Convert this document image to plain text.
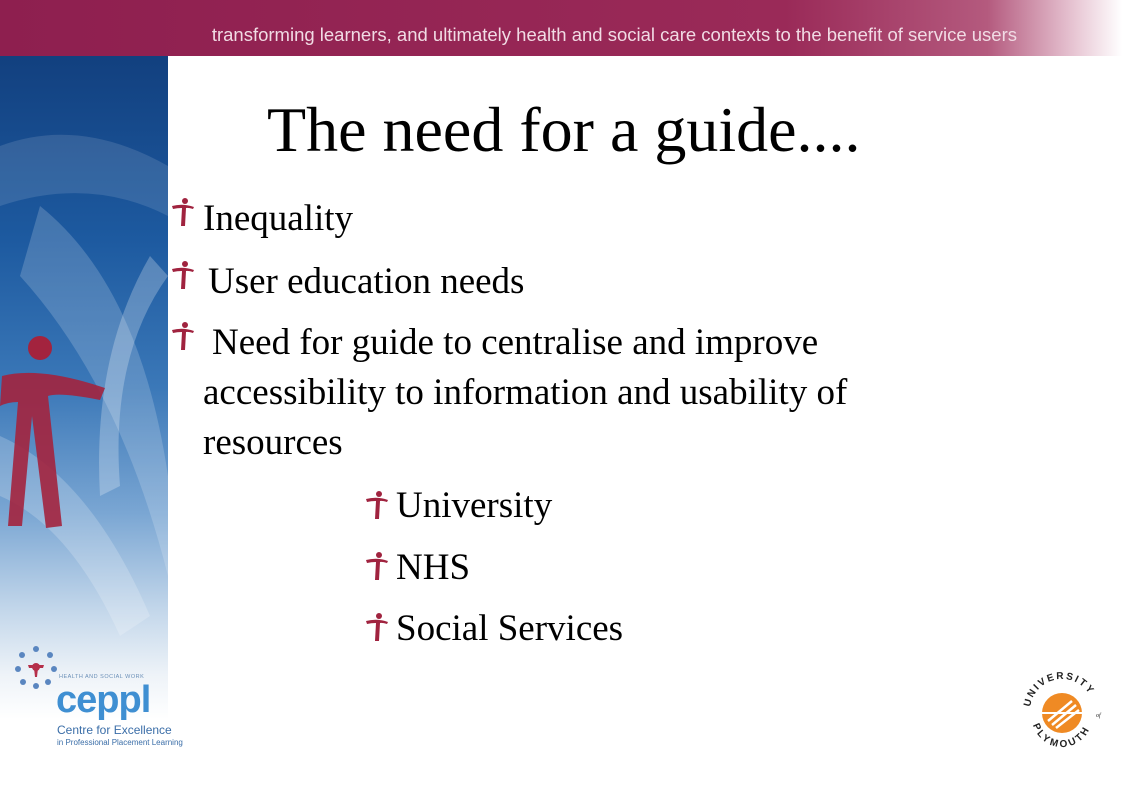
transforming learners, and ultimately health and social care contexts to the benefit of service users
The need for a guide....
Inequality
User education needs
Need for guide to centralise and improve
accessibility to information and usability of
resources
University
NHS
Social Services
HEALTH AND SOCIAL WORK
ceppl
Centre for Excellence
in Professional Placement Learning
UNIVERSITY
PLYMOUTH
of
